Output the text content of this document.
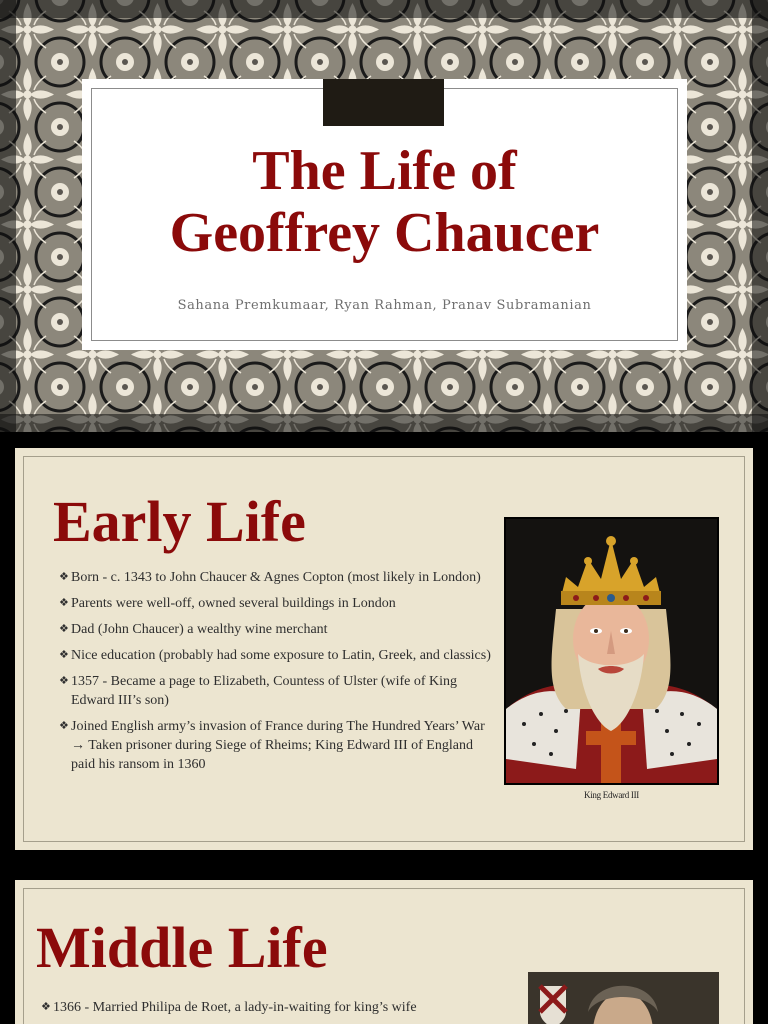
The Life of
Geoffrey Chaucer
Sahana Premkumaar, Ryan Rahman, Pranav Subramanian
Early Life
❖ Born - c. 1343 to John Chaucer & Agnes Copton (most likely in London)
❖ Parents were well-off, owned several buildings in London
❖ Dad (John Chaucer) a wealthy wine merchant
❖ Nice education (probably had some exposure to Latin, Greek, and classics)
❖ 1357 - Became a page to Elizabeth, Countess of Ulster (wife of King Edward III’s son)
❖ Joined English army’s invasion of France during The Hundred Years’ War → Taken prisoner during Siege of Rheims; King Edward III of England paid his ransom in 1360
King Edward III
Middle Life
❖ 1366 - Married Philipa de Roet, a lady-in-waiting for king’s wife
